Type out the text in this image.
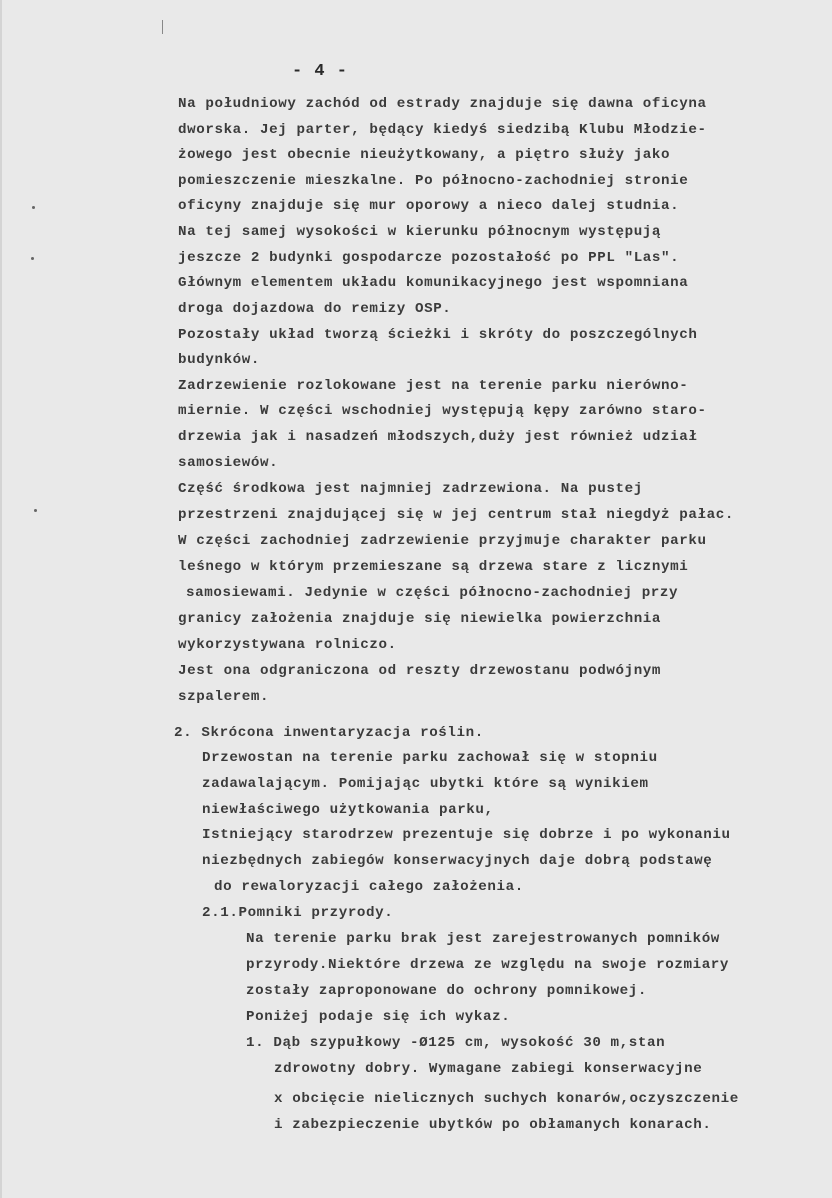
- 4 -
Na południowy zachód od estrady znajduje się dawna oficyna
dworska. Jej parter, będący kiedyś siedzibą Klubu Młodzie-
żowego jest obecnie nieużytkowany, a piętro służy jako
pomieszczenie mieszkalne. Po północno-zachodniej stronie
oficyny znajduje się mur oporowy a nieco dalej studnia.
Na tej samej wysokości w kierunku północnym występują
jeszcze 2 budynki gospodarcze pozostałość po PPL "Las".
Głównym elementem układu komunikacyjnego jest wspomniana
droga dojazdowa do remizy OSP.
Pozostały układ tworzą ścieżki i skróty do poszczególnych
budynków.
Zadrzewienie rozlokowane jest na terenie parku nierówno-
miernie. W części wschodniej występują kępy zarówno staro-
drzewia jak i nasadzeń młodszych,duży jest również udział
samosiewów.
Część środkowa jest najmniej zadrzewiona. Na pustej
przestrzeni znajdującej się w jej centrum stał niegdyż pałac.
W części zachodniej zadrzewienie przyjmuje charakter parku
leśnego w którym przemieszane są drzewa stare z licznymi
samosiewami. Jedynie w części północno-zachodniej przy
granicy założenia znajduje się niewielka powierzchnia
wykorzystywana rolniczo.
Jest ona odgraniczona od reszty drzewostanu podwójnym
szpalerem.
2. Skrócona inwentaryzacja roślin.
Drzewostan na terenie parku zachował się w stopniu
zadawalającym. Pomijając ubytki które są wynikiem
niewłaściwego użytkowania parku,
Istniejący starodrzew prezentuje się dobrze i po wykonaniu
niezbędnych zabiegów konserwacyjnych daje dobrą podstawę
do rewaloryzacji całego założenia.
2.1.Pomniki przyrody.
Na terenie parku brak jest zarejestrowanych pomników
przyrody.Niektóre drzewa ze względu na swoje rozmiary
zostały zaproponowane do ochrony pomnikowej.
Poniżej podaje się ich wykaz.
1. Dąb szypułkowy -Ø125 cm, wysokość 30 m,stan
zdrowotny dobry. Wymagane zabiegi konserwacyjne
x obcięcie nielicznych suchych konarów,oczyszczenie
i zabezpieczenie ubytków po obłamanych konarach.
